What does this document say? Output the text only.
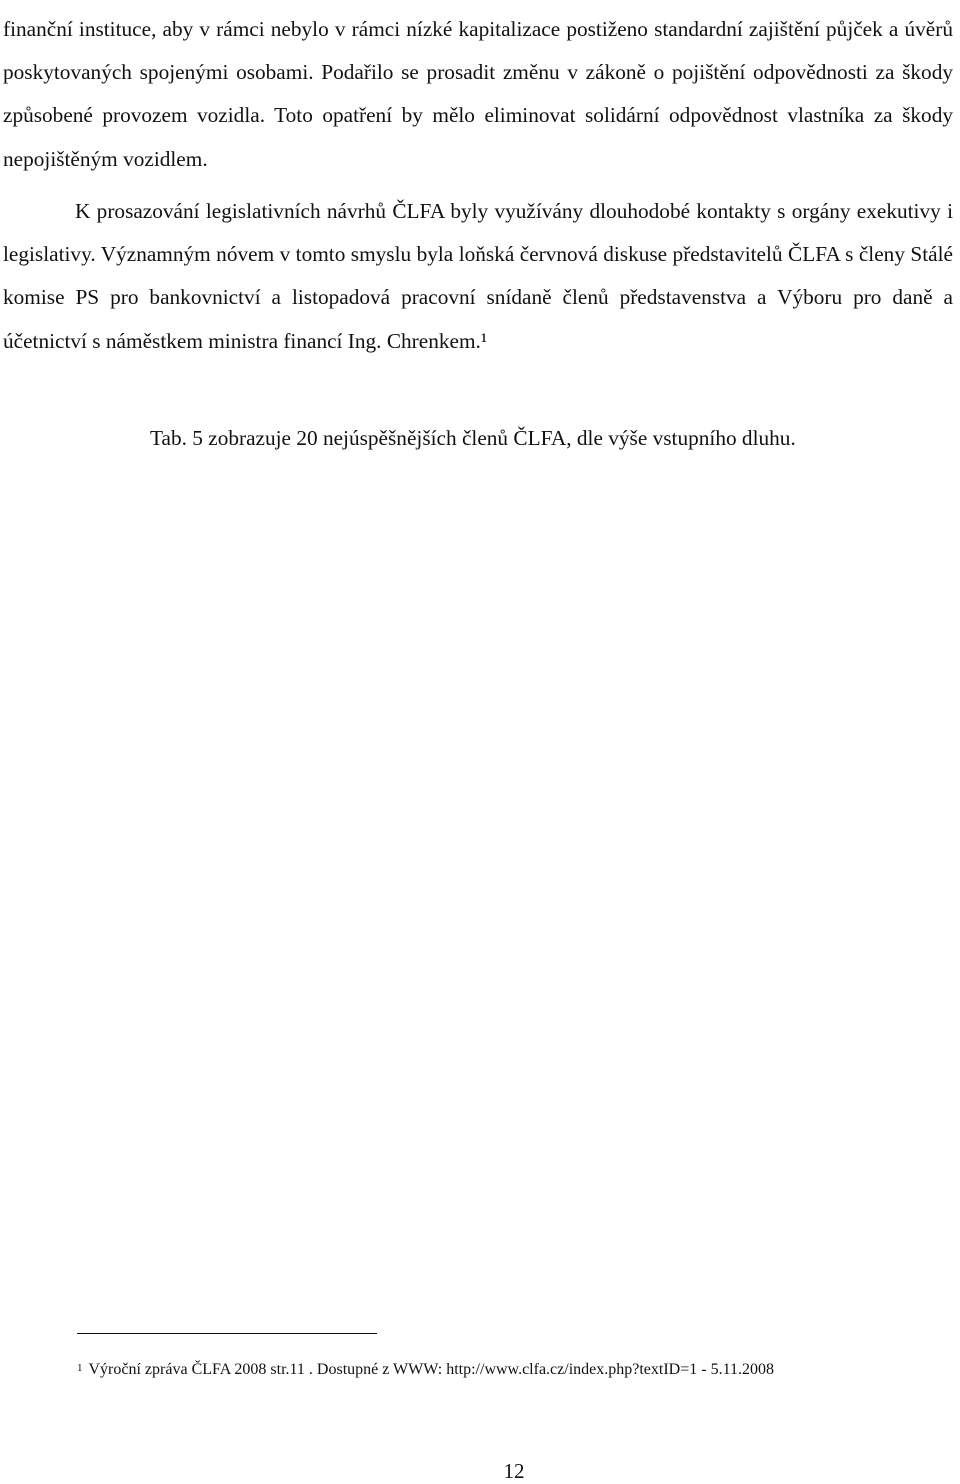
finanční instituce, aby v rámci nebylo v rámci nízké kapitalizace postiženo standardní zajištění půjček a úvěrů poskytovaných spojenými osobami. Podařilo se prosadit změnu v zákoně o pojištění odpovědnosti za škody způsobené provozem vozidla. Toto opatření by mělo eliminovat solidární odpovědnost vlastníka za škody nepojištěným vozidlem.

K prosazování legislativních návrhů ČLFA byly využívány dlouhodobé kontakty s orgány exekutivy i legislativy. Významným nóvem v tomto smyslu byla loňská červnová diskuse představitelů ČLFA s členy Stálé komise PS pro bankovnictví a listopadová pracovní snídaně členů představenstva a Výboru pro daně a účetnictví s náměstkem ministra financí Ing. Chrenkem.¹

Tab. 5 zobrazuje 20 nejúspěšnějších členů ČLFA, dle výše vstupního dluhu.

$^1$ Výroční zpráva ČLFA 2008 str.11 . Dostupné z WWW: http://www.clfa.cz/index.php?textID=1 - 5.11.2008

12
